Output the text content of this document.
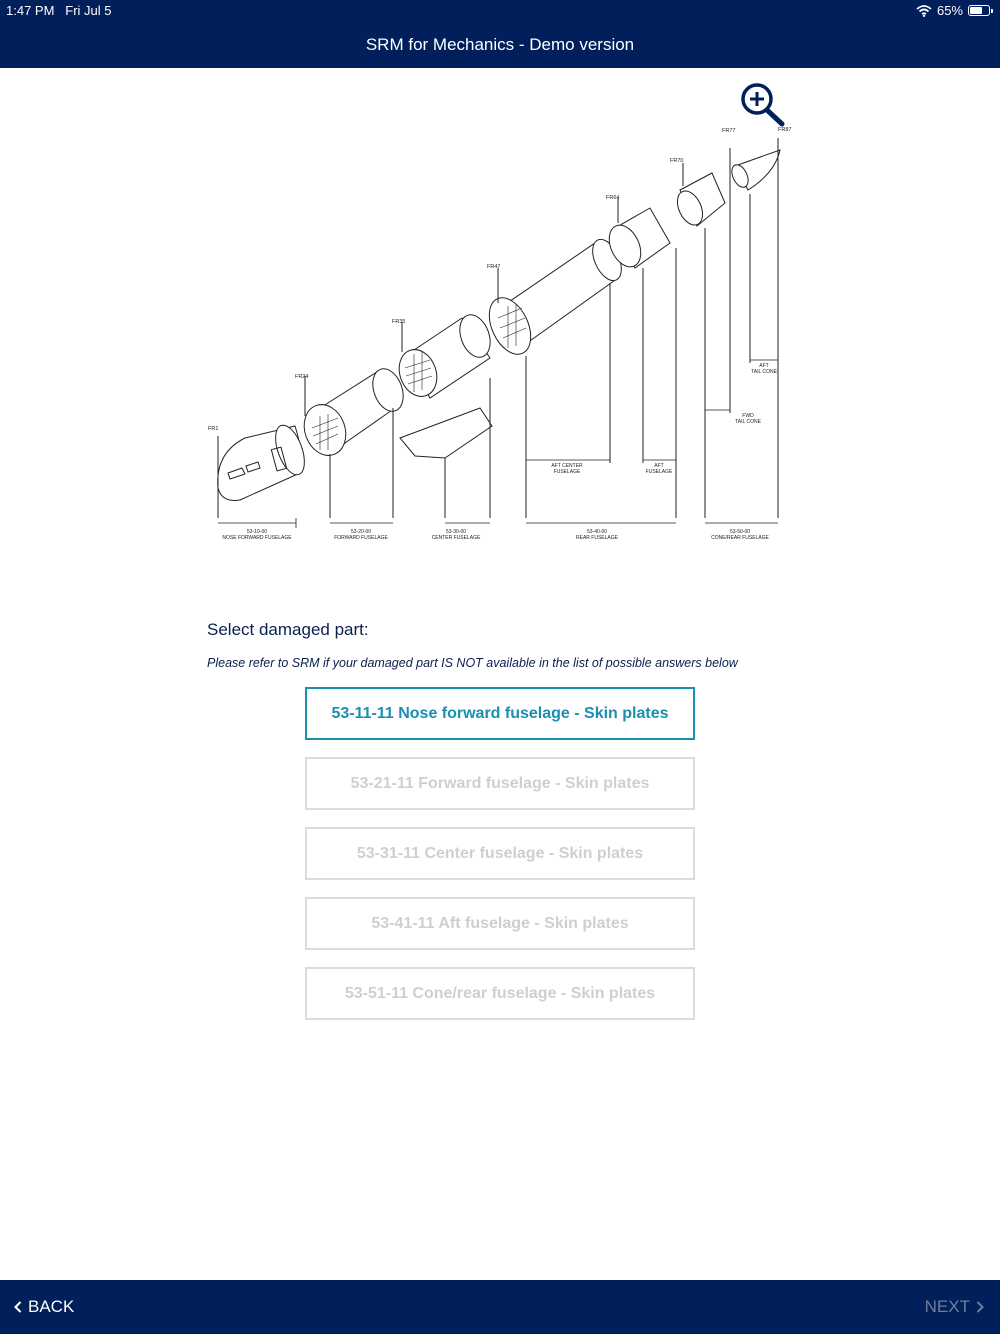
1:47 PM Fri Jul 5	65%
SRM for Mechanics - Demo version
FR1
FR24
FR35
FR47
FR64
FR70
FR77	FR87
AFT CENTER
FUSELAGE
AFT
FUSELAGE
FWD
TAIL CONE
AFT
TAIL CONE
53-10-00
NOSE FORWARD FUSELAGE
53-20-00
FORWARD FUSELAGE
53-30-00
CENTER FUSELAGE
53-40-00
REAR FUSELAGE
53-50-00
CONE/REAR FUSELAGE
Select damaged part:
Please refer to SRM if your damaged part IS NOT available in the list of possible answers below
53-11-11 Nose forward fuselage - Skin plates
53-21-11 Forward fuselage - Skin plates
53-31-11 Center fuselage - Skin plates
53-41-11 Aft fuselage - Skin plates
53-51-11 Cone/rear fuselage - Skin plates
BACK	NEXT
